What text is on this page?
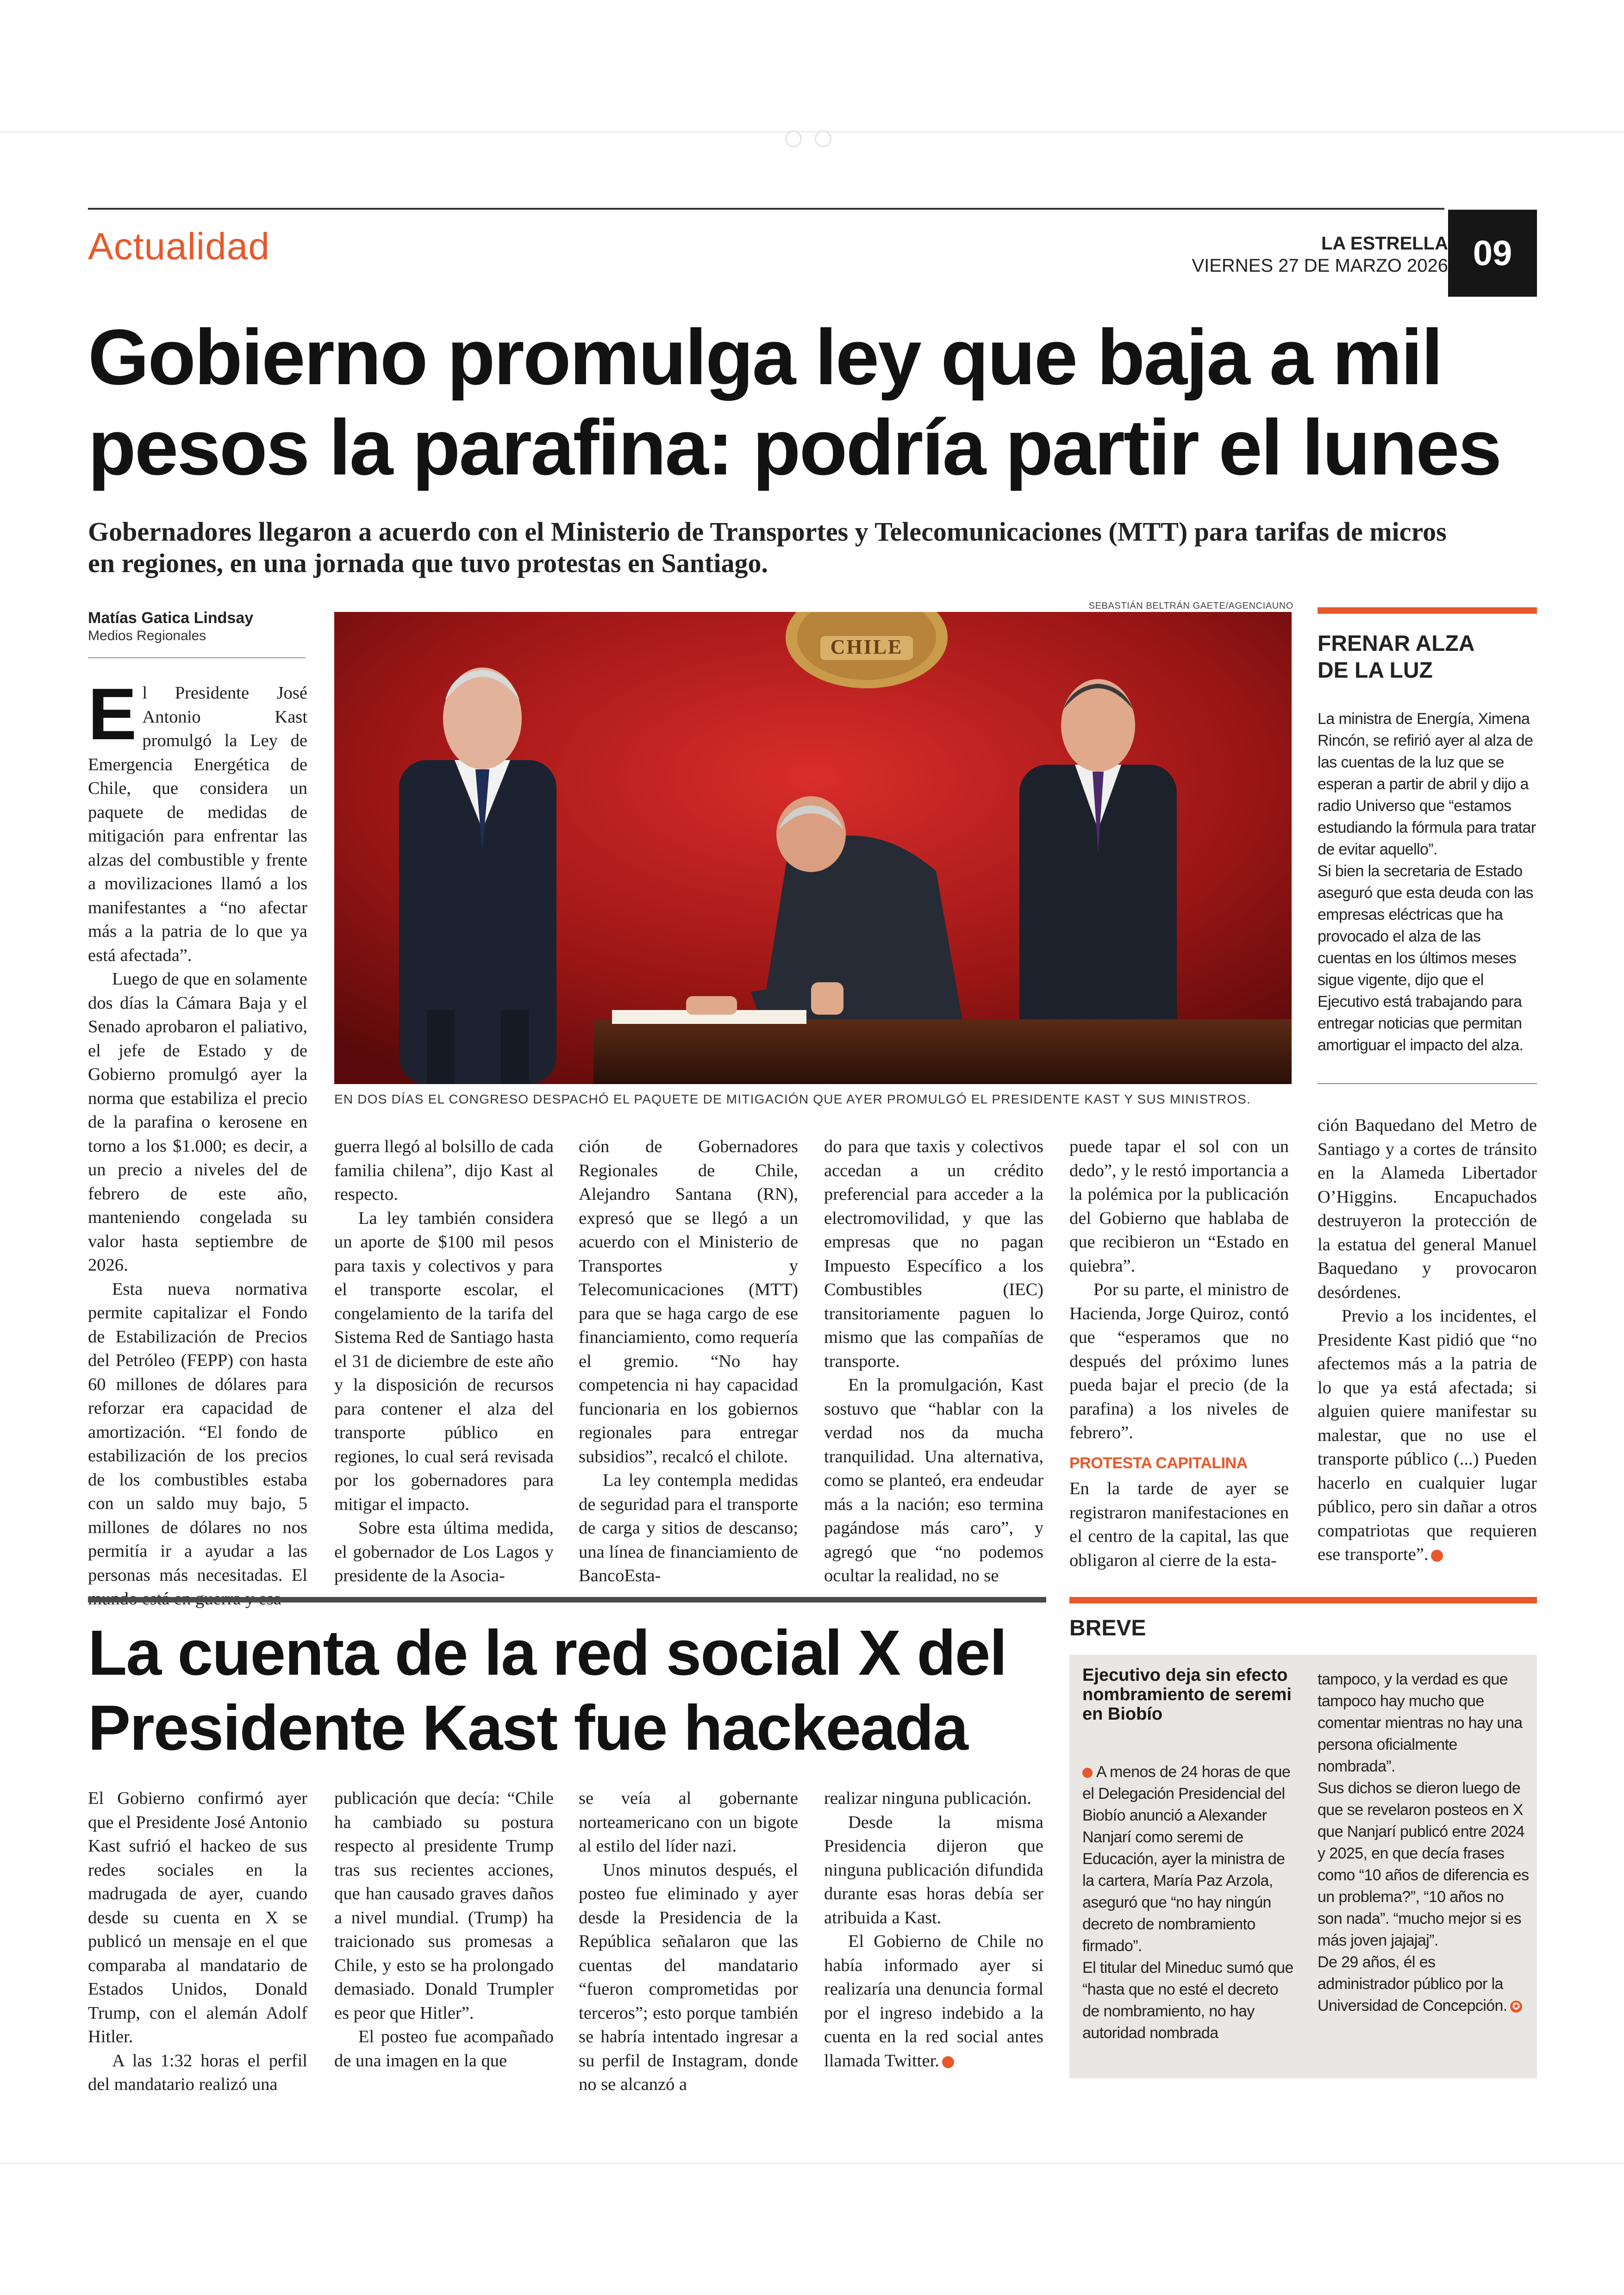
Actualidad	LA ESTRELLA
VIERNES 27 DE MARZO 2026 09
Gobierno promulga ley que baja a mil
pesos la parafina: podría partir el lunes
Gobernadores llegaron a acuerdo con el Ministerio de Transportes y Telecomunicaciones (MTT) para tarifas de micros
en regiones, en una jornada que tuvo protestas en Santiago.
Matías Gatica Lindsay
Medios Regionales
SEBASTIÁN BELTRÁN GAETE/AGENCIAUNO
CHILE
EN DOS DÍAS EL CONGRESO DESPACHÓ EL PAQUETE DE MITIGACIÓN QUE AYER PROMULGÓ EL PRESIDENTE KAST Y SUS MINISTROS.
E l Presidente José Antonio Kast promulgó la Ley de Emergencia Energética de Chile, que considera un paquete de medidas de mitigación para enfrentar las alzas del combustible y frente a movilizaciones llamó a los manifestantes a “no afectar más a la patria de lo que ya está afectada”.

Luego de que en solamente dos días la Cámara Baja y el Senado aprobaron el paliativo, el jefe de Estado y de Gobierno promulgó ayer la norma que estabiliza el precio de la parafina o kerosene en torno a los $1.000; es decir, a un precio a niveles del de febrero de este año, manteniendo congelada su valor hasta septiembre de 2026.

Esta nueva normativa permite capitalizar el Fondo de Estabilización de Precios del Petróleo (FEPP) con hasta 60 millones de dólares para reforzar era capacidad de amortización. “El fondo de estabilización de los precios de los combustibles estaba con un saldo muy bajo, 5 millones de dólares no nos permitía ir a ayudar a las personas más necesitadas. El

guerra llegó al bolsillo de cada familia chilena”, dijo Kast al respecto.

La ley también considera un aporte de $100 mil pesos para taxis y colectivos y para el transporte escolar, el congelamiento de la tarifa del Sistema Red de Santiago hasta el 31 de diciembre de este año y la disposición de recursos para contener el alza del transporte público en regiones, lo cual será revisada por los gobernadores para mitigar el impacto.

Sobre esta última medida, el gobernador de Los Lagos y presidente de la Asocia-

ción de Gobernadores Regionales de Chile, Alejandro Santana (RN), expresó que se llegó a un acuerdo con el Ministerio de Transportes y Telecomunicaciones (MTT) para que se haga cargo de ese financiamiento, como requería el gremio. “No hay competencia ni hay capacidad funcionaria en los gobiernos regionales para entregar subsidios”, recalcó el chilote.

La ley contempla medidas de seguridad para el transporte de carga y sitios de descanso; una línea de financiamiento de BancoEsta-

do para que taxis y colectivos accedan a un crédito preferencial para acceder a la electromovilidad, y que las empresas que no pagan Impuesto Específico a los Combustibles (IEC) transitoriamente paguen lo mismo que las compañías de transporte.

En la promulgación, Kast sostuvo que “hablar con la verdad nos da mucha tranquilidad. Una alternativa, como se planteó, era endeudar más a la nación; eso termina pagándose más caro”, y agregó que “no podemos ocultar la realidad, no se

puede tapar el sol con un dedo”, y le restó importancia a la polémica por la publicación del Gobierno que hablaba de que recibieron un “Estado en quiebra”.

Por su parte, el ministro de Hacienda, Jorge Quiroz, contó que “esperamos que no después del próximo lunes pueda bajar el precio (de la parafina) a los niveles de febrero”.

PROTESTA CAPITALINA

En la tarde de ayer se registraron manifestaciones en el centro de la capital, las que obligaron al cierre de la esta-

ción Baquedano del Metro de Santiago y a cortes de tránsito en la Alameda Libertador O’Higgins. Encapuchados destruyeron la protección de la estatua del general Manuel Baquedano y provocaron desórdenes.

Previo a los incidentes, el Presidente Kast pidió que “no afectemos más a la patria de lo que ya está afectada; si alguien quiere manifestar su malestar, que no use el transporte público (...) Pueden hacerlo en cualquier lugar público, pero sin dañar a otros compatriotas que requieren ese transporte”.	✪

FRENAR ALZA
DE LA LUZ

La ministra de Energía, Ximena Rincón, se refirió ayer al alza de las cuentas de la luz que se esperan a partir de abril y dijo a radio Universo que “estamos estudiando la fórmula para tratar de evitar aquello”.

Si bien la secretaria de Estado aseguró que esta deuda con las empresas eléctricas que ha provocado el alza de las cuentas en los últimos meses sigue vigente, dijo que el Ejecutivo está trabajando para entregar noticias que permitan amortiguar el impacto del alza.

La cuenta de la red social X del
Presidente Kast fue hackeada

El Gobierno confirmó ayer que el Presidente José Antonio Kast sufrió el hackeo de sus redes sociales en la madrugada de ayer, cuando desde su cuenta en X se publicó un mensaje en el que comparaba al mandatario de Estados Unidos, Donald Trump, con el alemán Adolf Hitler.

A las 1:32 horas el perfil del mandatario realizó una

publicación que decía: “Chile ha cambiado su postura respecto al presidente Trump tras sus recientes acciones, que han causado graves daños a nivel mundial. (Trump) ha traicionado sus promesas a Chile, y esto se ha prolongado demasiado. Donald Trumpler es peor que Hitler”.

El posteo fue acompañado de una imagen en la que

se veía al gobernante norteamericano con un bigote al estilo del líder nazi.

Unos minutos después, el posteo fue eliminado y ayer desde la Presidencia de la República señalaron que las cuentas del mandatario “fueron comprometidas por terceros”; esto porque también se habría intentado ingresar a su perfil de Instagram, donde no se alcanzó a

realizar ninguna publicación.

Desde la misma Presidencia dijeron que ninguna publicación difundida durante esas horas debía ser atribuida a Kast.

El Gobierno de Chile no había informado ayer si realizaría una denuncia formal por el ingreso indebido a la cuenta en la red social antes llamada Twitter.	✪

BREVE
Ejecutivo deja sin efecto nombramiento de seremi en Biobío

A menos de 24 horas de que el Delegación Presidencial del Biobío anunció a Alexander Nanjarí como seremi de Educación, ayer la ministra de la cartera, María Paz Arzola, aseguró que “no hay ningún decreto de nombramiento firmado”.

El titular del Mineduc sumó que “hasta que no esté el decreto de nombramiento, no hay autoridad nombrada

tampoco, y la verdad es que tampoco hay mucho que comentar mientras no hay una persona oficialmente nombrada”.

Sus dichos se dieron luego de que se revelaron posteos en X que Nanjarí publicó entre 2024 y 2025, en que decía frases como “10 años de diferencia es un problema?”, “10 años no son nada”. “mucho mejor si es más joven jajajaj”.

De 29 años, él es administrador público por la Universidad de Concepción. ✪
